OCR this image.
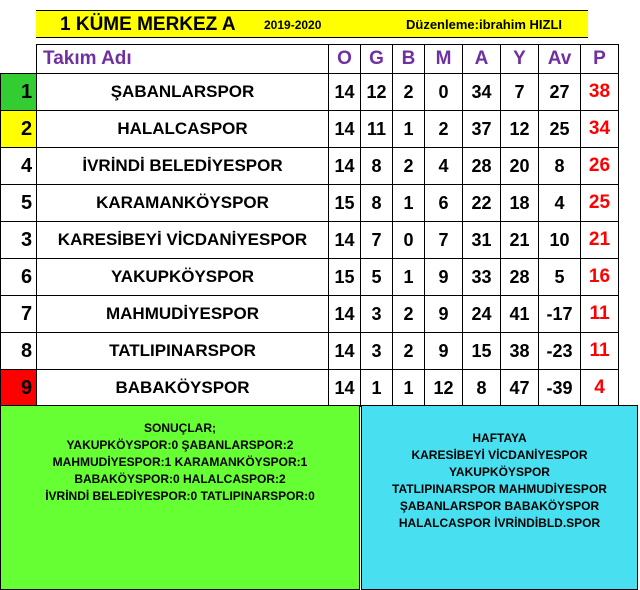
1 KÜME MERKEZ A 2019-2020	Düzenleme:ibrahim HIZLI
	Takım Adı	O	G	B	M	A	Y	Av	P
1	ŞABANLARSPOR	14	12	2	0	34	7	27	38
2	HALALCASPOR	14	11	1	2	37	12	25	34
4	İVRİNDİ BELEDİYESPOR	14	8	2	4	28	20	8	26
5	KARAMANKÖYSPOR	15	8	1	6	22	18	4	25
3	KARESİBEYİ VİCDANİYESPOR	14	7	0	7	31	21	10	21
6	YAKUPKÖYSPOR	15	5	1	9	33	28	5	16
7	MAHMUDİYESPOR	14	3	2	9	24	41	-17	11
8	TATLIPINARSPOR	14	3	2	9	15	38	-23	11
9	BABAKÖYSPOR	14	1	1	12	8	47	-39	4
SONUÇLAR;
YAKUPKÖYSPOR:0 ŞABANLARSPOR:2
MAHMUDİYESPOR:1 KARAMANKÖYSPOR:1
BABAKÖYSPOR:0 HALALCASPOR:2
İVRİNDİ BELEDİYESPOR:0 TATLIPINARSPOR:0
HAFTAYA
KARESİBEYİ VİCDANİYESPOR
YAKUPKÖYSPOR
TATLIPINARSPOR MAHMUDİYESPOR
ŞABANLARSPOR BABAKÖYSPOR
HALALCASPOR İVRİNDİBLD.SPOR
